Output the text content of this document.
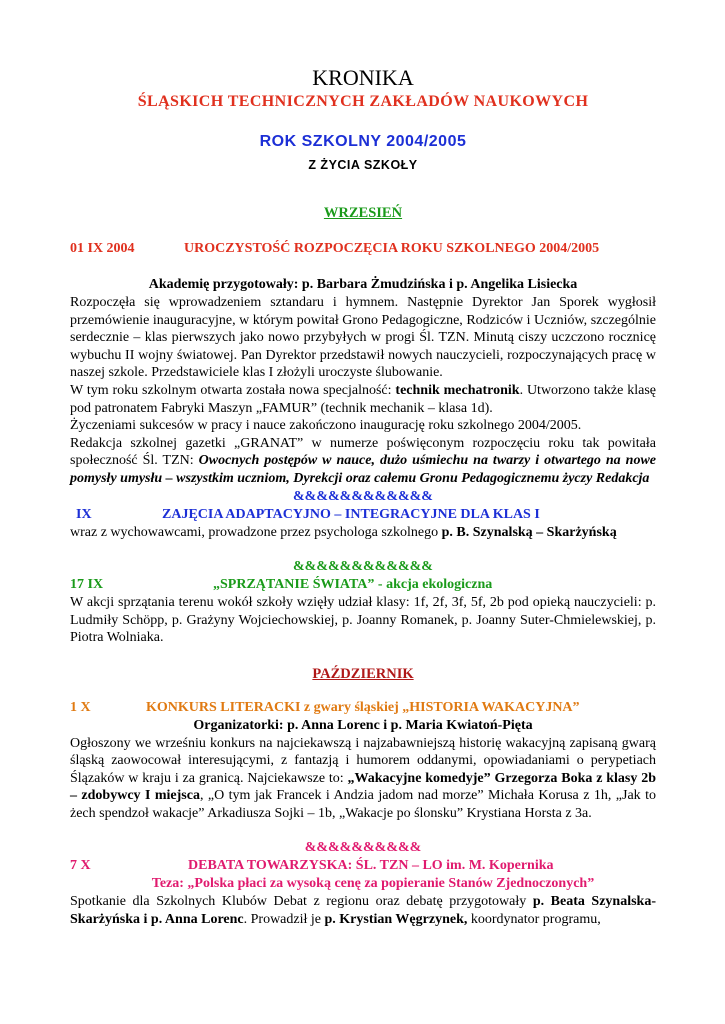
KRONIKA
ŚLĄSKICH TECHNICZNYCH ZAKŁADÓW NAUKOWYCH
ROK SZKOLNY 2004/2005
Z ŻYCIA SZKOŁY
WRZESIEŃ
01 IX 2004	UROCZYSTOŚĆ ROZPOCZĘCIA ROKU SZKOLNEGO 2004/2005
Akademię przygotowały: p. Barbara Żmudzińska i p. Angelika Lisiecka

Rozpoczęła się wprowadzeniem sztandaru i hymnem. Następnie Dyrektor Jan Sporek wygłosił przemówienie inauguracyjne, w którym powitał Grono Pedagogiczne, Rodziców i Uczniów, szczególnie serdecznie – klas pierwszych jako nowo przybyłych w progi Śl. TZN. Minutą ciszy uczczono rocznicę wybuchu II wojny światowej. Pan Dyrektor przedstawił nowych nauczycieli, rozpoczynających pracę w naszej szkole. Przedstawiciele klas I złożyli uroczyste ślubowanie.

W tym roku szkolnym otwarta została nowa specjalność: technik mechatronik. Utworzono także klasę pod patronatem Fabryki Maszyn „FAMUR” (technik mechanik – klasa 1d).

Życzeniami sukcesów w pracy i nauce zakończono inaugurację roku szkolnego 2004/2005.

Redakcja szkolnej gazetki „GRANAT” w numerze poświęconym rozpoczęciu roku tak powitała społeczność Śl. TZN: Owocnych postępów w nauce, dużo uśmiechu na twarzy i otwartego na nowe pomysły umysłu – wszystkim uczniom, Dyrekcji oraz całemu Gronu Pedagogicznemu życzy Redakcja

&&&&&&&&&&&&
IX	ZAJĘCIA ADAPTACYJNO – INTEGRACYJNE DLA KLAS I

wraz z wychowawcami, prowadzone przez psychologa szkolnego p. B. Szynalską – Skarżyńską

&&&&&&&&&&&&
17 IX	„SPRZĄTANIE ŚWIATA” - akcja ekologiczna

W akcji sprzątania terenu wokół szkoły wzięły udział klasy: 1f, 2f, 3f, 5f, 2b pod opieką nauczycieli: p. Ludmiły Schöpp, p. Grażyny Wojciechowskiej, p. Joanny Romanek, p. Joanny Suter-Chmielewskiej, p. Piotra Wolniaka.

PAŹDZIERNIK
1 X	KONKURS LITERACKI z gwary śląskiej „HISTORIA WAKACYJNA”
Organizatorki: p. Anna Lorenc i p. Maria Kwiatoń-Pięta

Ogłoszony we wrześniu konkurs na najciekawszą i najzabawniejszą historię wakacyjną zapisaną gwarą śląską zaowocował interesującymi, z fantazją i humorem oddanymi, opowiadaniami o perypetiach Ślązaków w kraju i za granicą. Najciekawsze to: „Wakacyjne komedyje” Grzegorza Boka z klasy 2b – zdobywcy I miejsca, „O tym jak Francek i Andzia jadom nad morze” Michała Korusa z 1h, „Jak to żech spendzoł wakacje” Arkadiusza Sojki – 1b, „Wakacje po ślonsku” Krystiana Horsta z 3a.

&&&&&&&&&&
7 X	DEBATA TOWARZYSKA: ŚL. TZN – LO im. M. Kopernika
Teza: „Polska płaci za wysoką cenę za popieranie Stanów Zjednoczonych”

Spotkanie dla Szkolnych Klubów Debat z regionu oraz debatę przygotowały p. Beata Szynalska-Skarżyńska i p. Anna Lorenc. Prowadził je p. Krystian Węgrzynek, koordynator programu,
